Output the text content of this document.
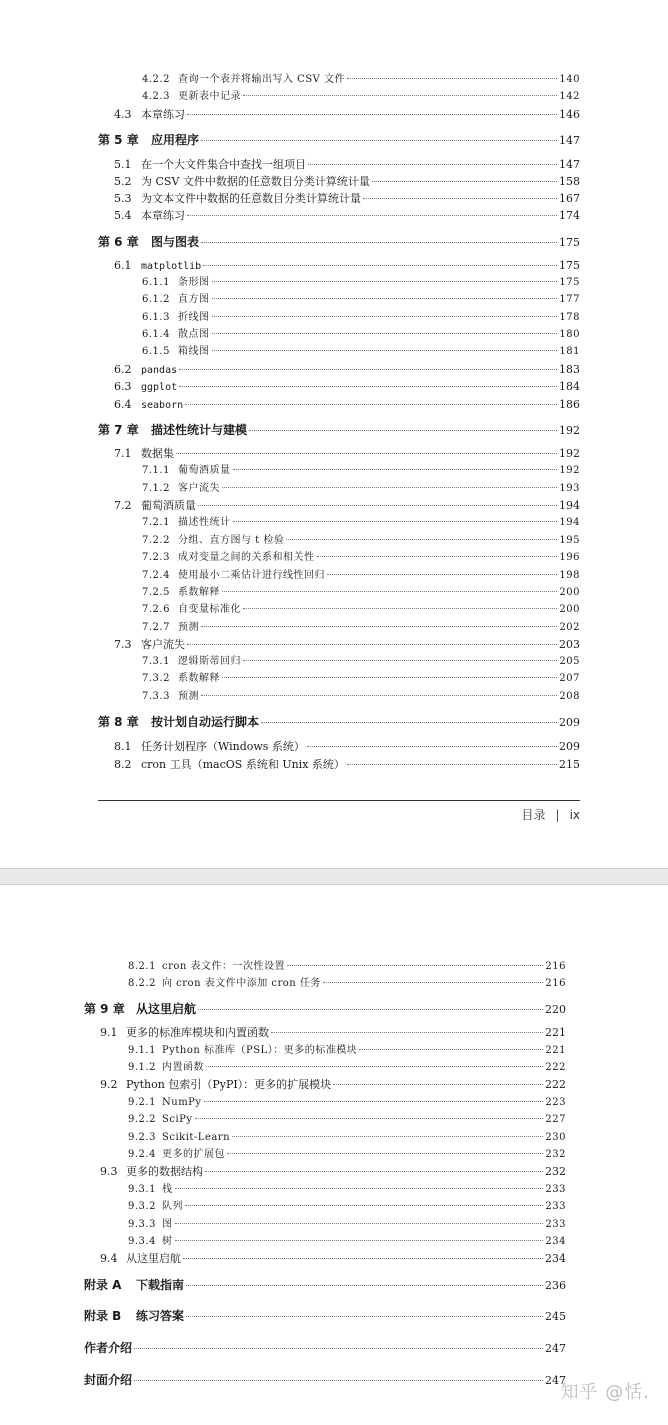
4.2.2 查询一个表并将输出写入 CSV 文件	140
4.2.3 更新表中记录	142
4.3 本章练习	146
第 5 章	应用程序	147
5.1 在一个大文件集合中查找一组项目	147
5.2 为 CSV 文件中数据的任意数目分类计算统计量	158
5.3 为文本文件中数据的任意数目分类计算统计量	167
5.4 本章练习	174
第 6 章	图与图表	175
6.1 matplotlib	175
6.1.1 条形图	175
6.1.2 直方图	177
6.1.3 折线图	178
6.1.4 散点图	180
6.1.5 箱线图	181
6.2 pandas	183
6.3 ggplot	184
6.4 seaborn	186
第 7 章	描述性统计与建模	192
7.1 数据集	192
7.1.1 葡萄酒质量	192
7.1.2 客户流失	193
7.2 葡萄酒质量	194
7.2.1 描述性统计	194
7.2.2 分组、直方图与 t 检验	195
7.2.3 成对变量之间的关系和相关性	196
7.2.4 使用最小二乘估计进行线性回归	198
7.2.5 系数解释	200
7.2.6 自变量标准化	200
7.2.7 预测	202
7.3 客户流失	203
7.3.1 逻辑斯蒂回归	205
7.3.2 系数解释	207
7.3.3 预测	208
第 8 章	按计划自动运行脚本	209
8.1 任务计划程序（Windows 系统）	209
8.2 cron 工具（macOS 系统和 Unix 系统）	215
目录 | ix
8.2.1 cron 表文件：一次性设置	216
8.2.2 向 cron 表文件中添加 cron 任务	216
第 9 章 从这里启航	220
9.1 更多的标准库模块和内置函数	221
9.1.1 Python 标准库（PSL）：更多的标准模块	221
9.1.2 内置函数	222
9.2 Python 包索引（PyPI）：更多的扩展模块	222
9.2.1 NumPy	223
9.2.2 SciPy	227
9.2.3 Scikit-Learn	230
9.2.4 更多的扩展包	232
9.3 更多的数据结构	232
9.3.1 栈	233
9.3.2 队列	233
9.3.3 图	233
9.3.4 树	234
9.4 从这里启航	234
附录 A	下载指南	236
附录 B	练习答案	245
作者介绍	247
封面介绍	247
知乎 @恬.
